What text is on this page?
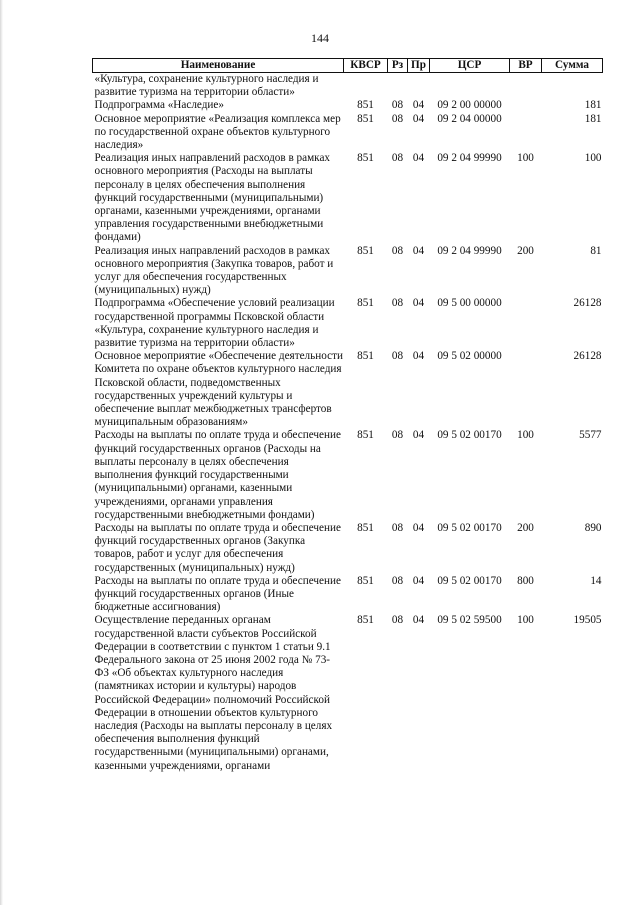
144
Наименование	КВСР	Рз	Пр	ЦСР	ВР	Сумма
«Культура, сохранение культурного наследия и развитие туризма на территории области»						
Подпрограмма «Наследие»	851	08	04	09 2 00 00000		181
Основное мероприятие «Реализация комплекса мер по государственной охране объектов культурного наследия»	851	08	04	09 2 04 00000		181
Реализация иных направлений расходов в рамках основного мероприятия (Расходы на выплаты персоналу в целях обеспечения выполнения функций государственными (муниципальными) органами, казенными учреждениями, органами управления государственными внебюджетными фондами)	851	08	04	09 2 04 99990	100	100
Реализация иных направлений расходов в рамках основного мероприятия (Закупка товаров, работ и услуг для обеспечения государственных (муниципальных) нужд)	851	08	04	09 2 04 99990	200	81
Подпрограмма «Обеспечение условий реализации государственной программы Псковской области «Культура, сохранение культурного наследия и развитие туризма на территории области»	851	08	04	09 5 00 00000		26128
Основное мероприятие «Обеспечение деятельности Комитета по охране объектов культурного наследия Псковской области, подведомственных государственных учреждений культуры и обеспечение выплат межбюджетных трансфертов муниципальным образованиям»	851	08	04	09 5 02 00000		26128
Расходы на выплаты по оплате труда и обеспечение функций государственных органов (Расходы на выплаты персоналу в целях обеспечения выполнения функций государственными (муниципальными) органами, казенными учреждениями, органами управления государственными внебюджетными фондами)	851	08	04	09 5 02 00170	100	5577
Расходы на выплаты по оплате труда и обеспечение функций государственных органов (Закупка товаров, работ и услуг для обеспечения государственных (муниципальных) нужд)	851	08	04	09 5 02 00170	200	890
Расходы на выплаты по оплате труда и обеспечение функций государственных органов (Иные бюджетные ассигнования)	851	08	04	09 5 02 00170	800	14
Осуществление переданных органам государственной власти субъектов Российской Федерации в соответствии с пунктом 1 статьи 9.1 Федерального закона от 25 июня 2002 года № 73-ФЗ «Об объектах культурного наследия (памятниках истории и культуры) народов Российской Федерации» полномочий Российской Федерации в отношении объектов культурного наследия (Расходы на выплаты персоналу в целях обеспечения выполнения функций государственными (муниципальными) органами, казенными учреждениями, органами	851	08	04	09 5 02 59500	100	19505
